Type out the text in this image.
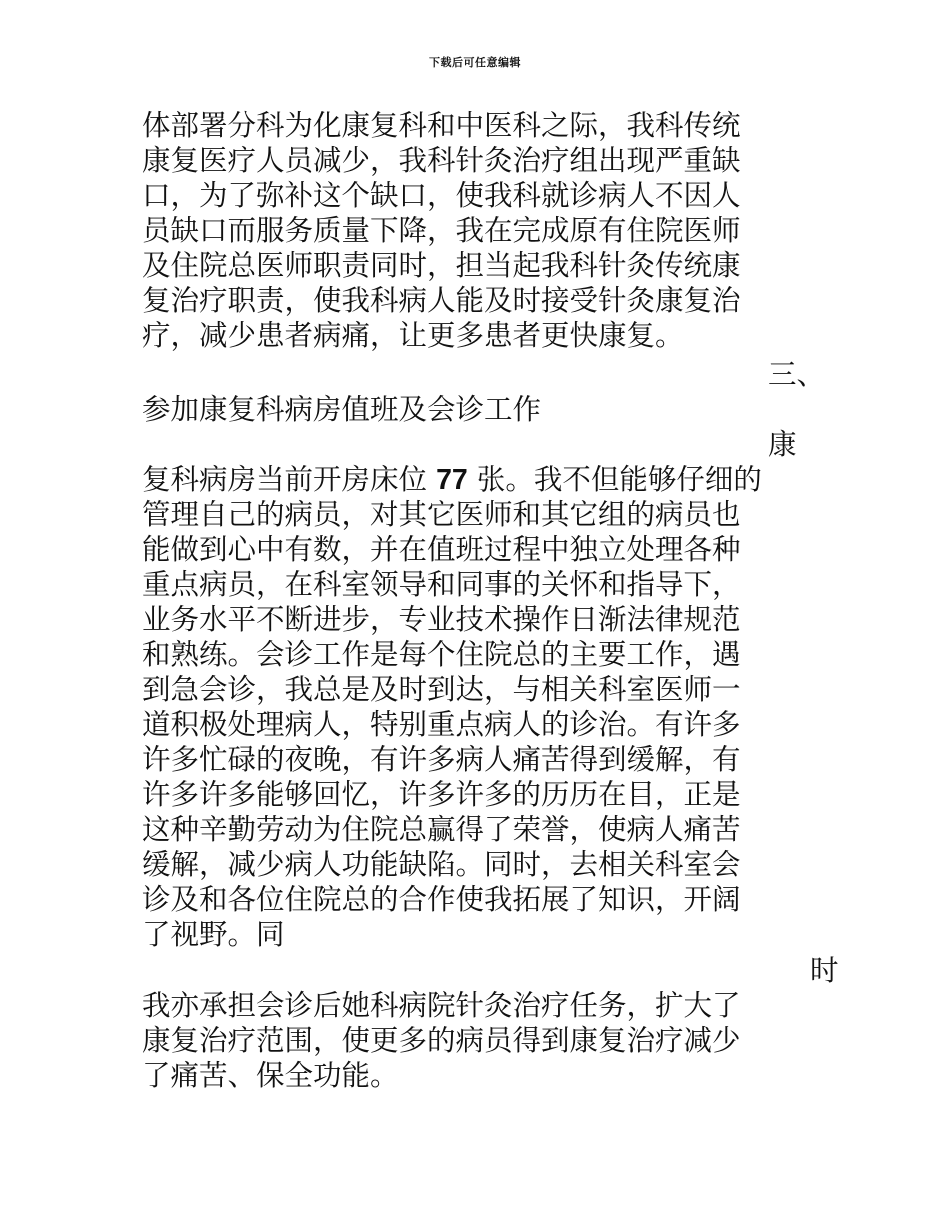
下载后可任意编辑
体部署分科为化康复科和中医科之际，我科传统
康复医疗人员减少，我科针灸治疗组出现严重缺
口，为了弥补这个缺口，使我科就诊病人不因人
员缺口而服务质量下降，我在完成原有住院医师
及住院总医师职责同时，担当起我科针灸传统康
复治疗职责，使我科病人能及时接受针灸康复治
疗，减少患者病痛，让更多患者更快康复。
三、
参加康复科病房值班及会诊工作
康
复科病房当前开房床位 77 张。我不但能够仔细的
管理自己的病员，对其它医师和其它组的病员也
能做到心中有数，并在值班过程中独立处理各种
重点病员，在科室领导和同事的关怀和指导下，
业务水平不断进步，专业技术操作日渐法律规范
和熟练。会诊工作是每个住院总的主要工作，遇
到急会诊，我总是及时到达，与相关科室医师一
道积极处理病人，特别重点病人的诊治。有许多
许多忙碌的夜晚，有许多病人痛苦得到缓解，有
许多许多能够回忆，许多许多的历历在目，正是
这种辛勤劳动为住院总赢得了荣誉，使病人痛苦
缓解，减少病人功能缺陷。同时，去相关科室会
诊及和各位住院总的合作使我拓展了知识，开阔
了视野。同
时
我亦承担会诊后她科病院针灸治疗任务，扩大了
康复治疗范围，使更多的病员得到康复治疗减少
了痛苦、保全功能。
